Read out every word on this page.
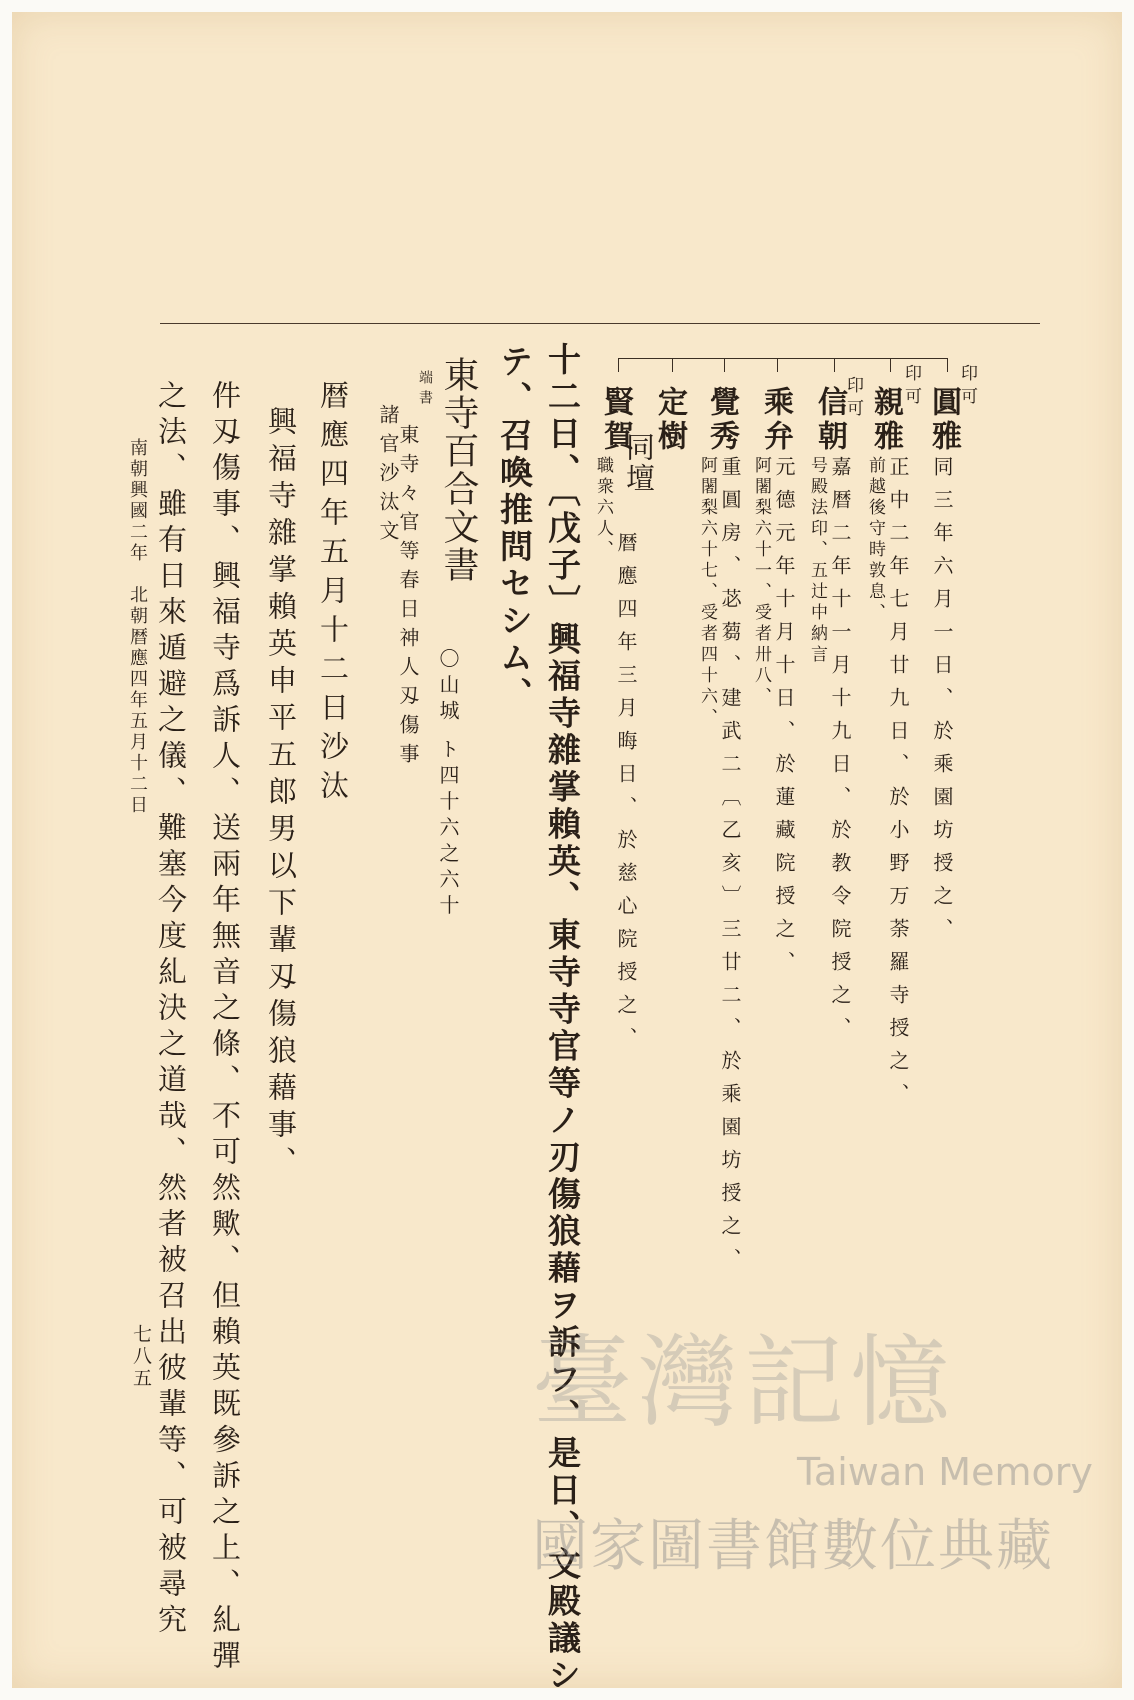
印可
圓雅
同三年六月一日、於乘園坊授之、
印可
親雅
正中二年七月廿九日、於小野万荼羅寺授之、
前越後守時敦息、
印可
信朝
嘉暦二年十一月十九日、於教令院授之、
号殿法印、五辻中納言
乘弁
元德元年十月十日、於蓮藏院授之、
阿闍梨六十一、受者卅八、
覺秀
重圓房、苾蒭、建武二〔乙亥〕三廿二、於乘園坊授之、
阿闍梨六十七、受者四十六、
定樹
同壇
賢賀
暦應四年三月晦日、於慈心院授之、
職衆六人、
十二日、〔戊子〕興福寺雜掌賴英、東寺寺官等ノ刃傷狼藉ヲ訴フ、是日、文殿議シ
テ、召喚推問セシム、
東寺百合文書
〇山城 ト四十六之六十
端書
東寺々官等春日神人刄傷事
諸官沙汰文
暦應四年五月十二日沙汰
興福寺雜掌賴英申平五郎男以下輩刄傷狼藉事、
件刄傷事、興福寺爲訴人、送兩年無音之條、不可然歟、但賴英既參訴之上、糺彈
之法、雖有日來遁避之儀、難塞今度糺決之道哉、然者被召出彼輩等、可被尋究
南朝興國二年　北朝暦應四年五月十二日
七八五	臺灣記憶
Taiwan Memory
國家圖書館數位典藏
